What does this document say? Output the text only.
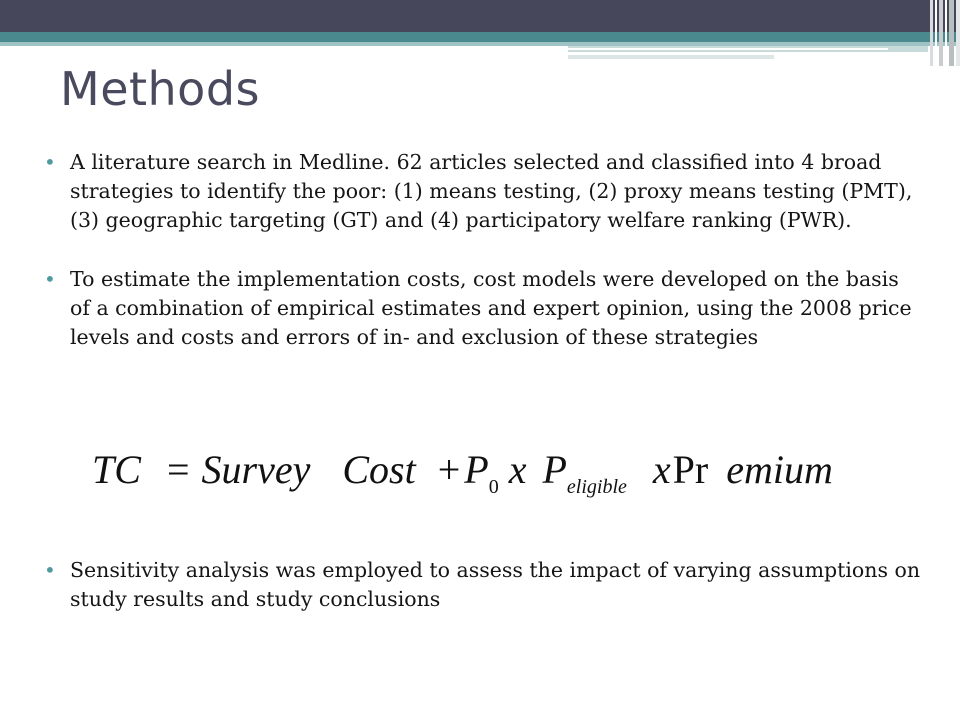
Methods
• A literature search in Medline. 62 articles selected and classified into 4 broad strategies to identify the poor: (1) means testing, (2) proxy means testing (PMT), (3) geographic targeting (GT) and (4) participatory welfare ranking (PWR).
• To estimate the implementation costs, cost models were developed on the basis of a combination of empirical estimates and expert opinion, using the 2008 price levels and costs and errors of in- and exclusion of these strategies
• Sensitivity analysis was employed to assess the impact of varying assumptions on study results and study conclusions
TC = Survey Cost + P0 x Peligible xPr emium
